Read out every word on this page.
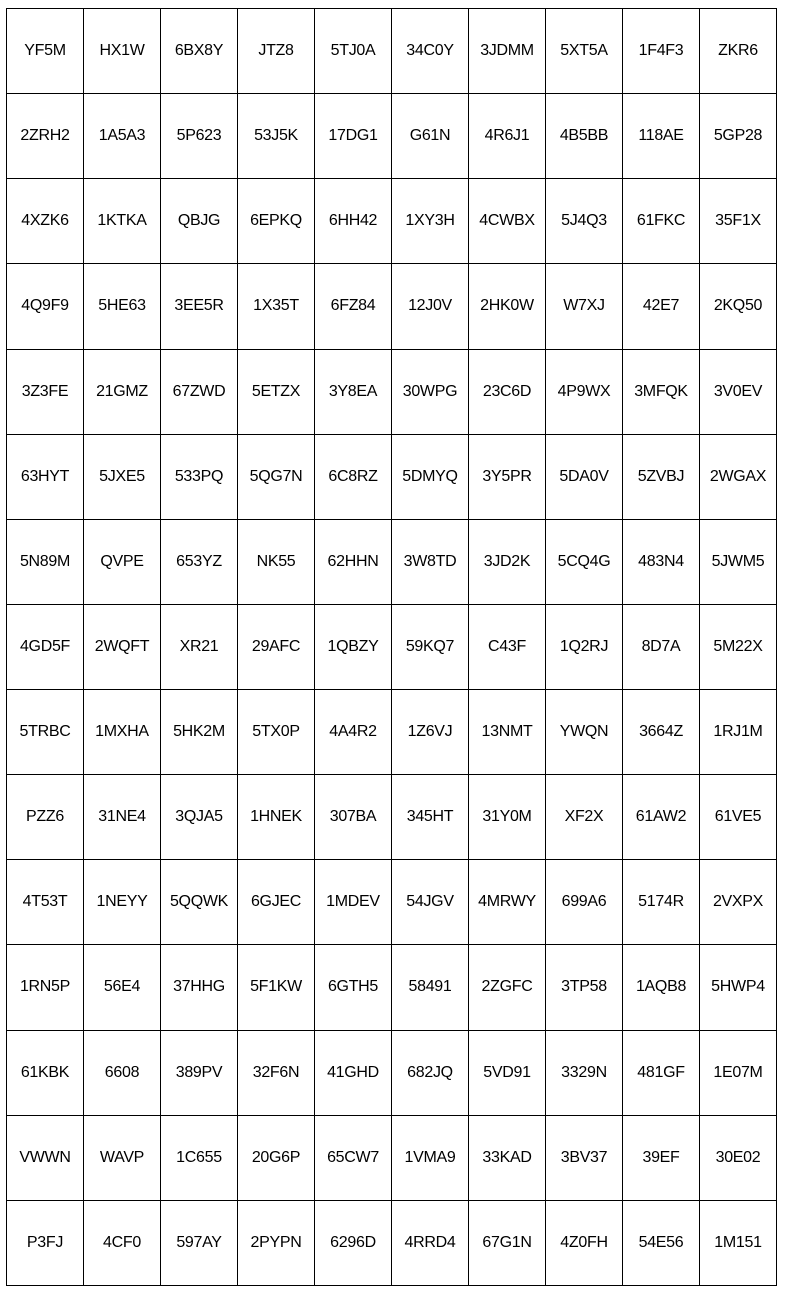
YF5M	HX1W	6BX8Y	JTZ8	5TJ0A	34C0Y	3JDMM	5XT5A	1F4F3	ZKR6
2ZRH2	1A5A3	5P623	53J5K	17DG1	G61N	4R6J1	4B5BB	118AE	5GP28
4XZK6	1KTKA	QBJG	6EPKQ	6HH42	1XY3H	4CWBX	5J4Q3	61FKC	35F1X
4Q9F9	5HE63	3EE5R	1X35T	6FZ84	12J0V	2HK0W	W7XJ	42E7	2KQ50
3Z3FE	21GMZ	67ZWD	5ETZX	3Y8EA	30WPG	23C6D	4P9WX	3MFQK	3V0EV
63HYT	5JXE5	533PQ	5QG7N	6C8RZ	5DMYQ	3Y5PR	5DA0V	5ZVBJ	2WGAX
5N89M	QVPE	653YZ	NK55	62HHN	3W8TD	3JD2K	5CQ4G	483N4	5JWM5
4GD5F	2WQFT	XR21	29AFC	1QBZY	59KQ7	C43F	1Q2RJ	8D7A	5M22X
5TRBC	1MXHA	5HK2M	5TX0P	4A4R2	1Z6VJ	13NMT	YWQN	3664Z	1RJ1M
PZZ6	31NE4	3QJA5	1HNEK	307BA	345HT	31Y0M	XF2X	61AW2	61VE5
4T53T	1NEYY	5QQWK	6GJEC	1MDEV	54JGV	4MRWY	699A6	5174R	2VXPX
1RN5P	56E4	37HHG	5F1KW	6GTH5	58491	2ZGFC	3TP58	1AQB8	5HWP4
61KBK	6608	389PV	32F6N	41GHD	682JQ	5VD91	3329N	481GF	1E07M
VWWN	WAVP	1C655	20G6P	65CW7	1VMA9	33KAD	3BV37	39EF	30E02
P3FJ	4CF0	597AY	2PYPN	6296D	4RRD4	67G1N	4Z0FH	54E56	1M151
